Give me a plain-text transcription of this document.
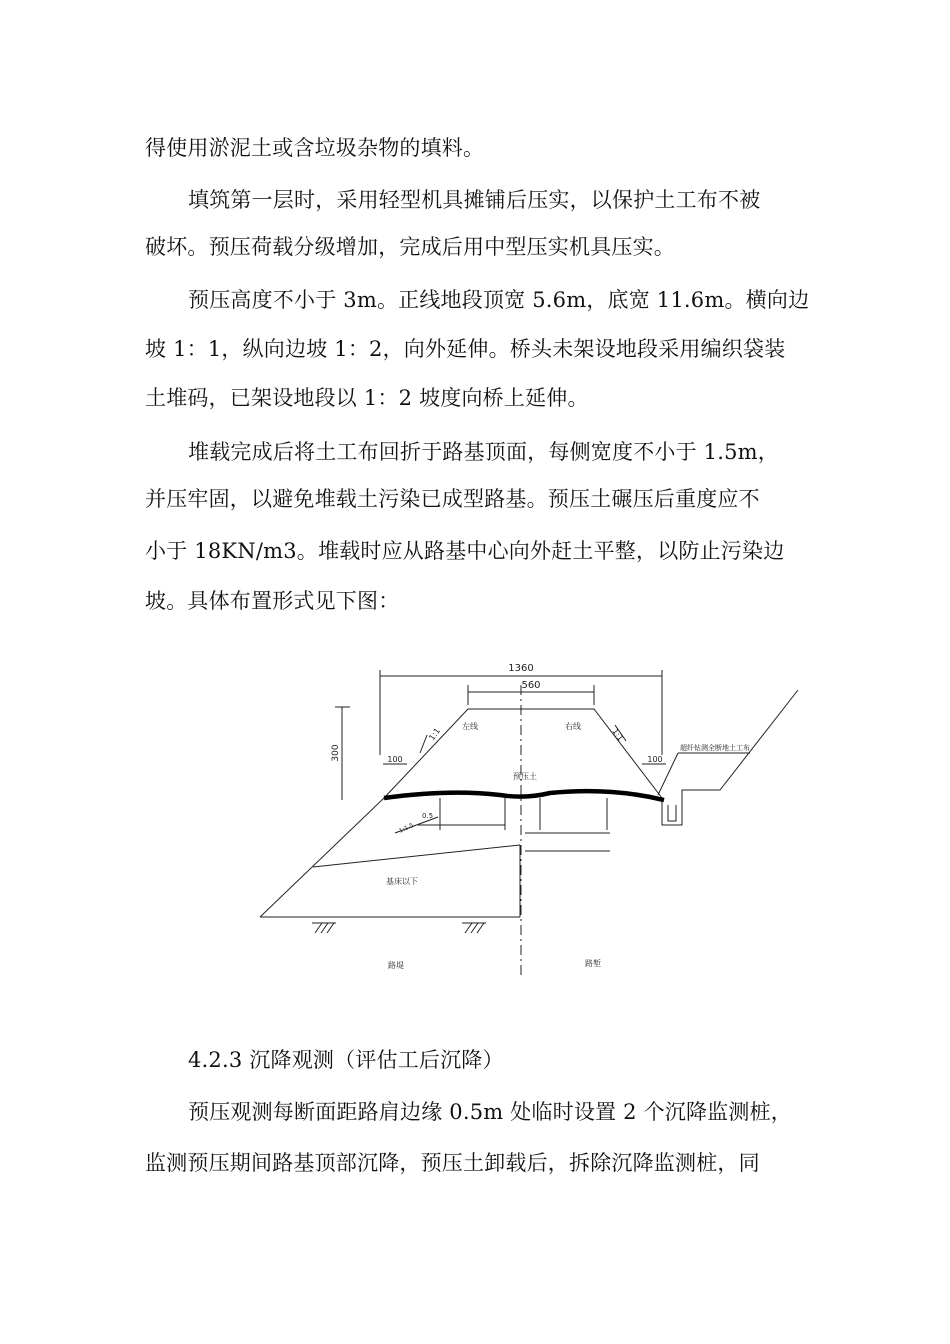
得使用淤泥土或含垃圾杂物的填料。
填筑第一层时，采用轻型机具摊铺后压实，以保护土工布不被
破坏。预压荷载分级增加，完成后用中型压实机具压实。
预压高度不小于 3m。正线地段顶宽 5.6m，底宽 11.6m。横向边
坡 1：1，纵向边坡 1：2，向外延伸。桥头未架设地段采用编织袋装
土堆码，已架设地段以 1：2 坡度向桥上延伸。
堆载完成后将土工布回折于路基顶面，每侧宽度不小于 1.5m，
并压牢固，以避免堆载土污染已成型路基。预压土碾压后重度应不
小于 18KN/m3。堆载时应从路基中心向外赶土平整，以防止污染边
坡。具体布置形式见下图：
1360
560
300	100	100
1:1	1:1
左线	右线
预压土
超纤钻测全断地土工布
0.5
1:1.5
基床以下
路堤	路堑
4.2.3 沉降观测（评估工后沉降）
预压观测每断面距路肩边缘 0.5m 处临时设置 2 个沉降监测桩，
监测预压期间路基顶部沉降，预压土卸载后，拆除沉降监测桩，同
